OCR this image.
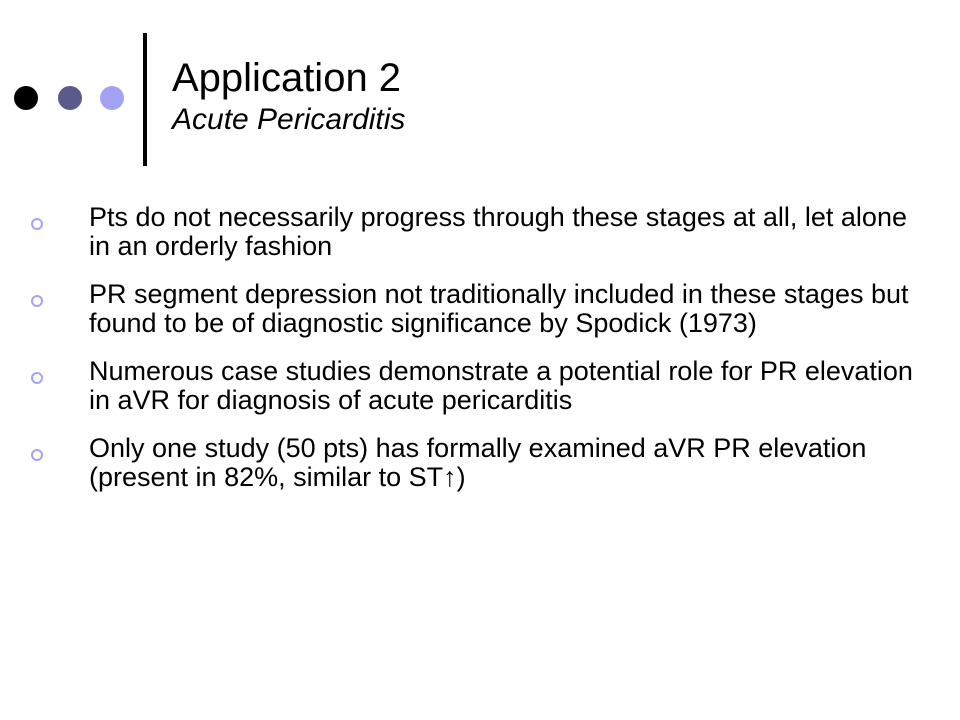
Application 2

Acute Pericarditis

Pts do not necessarily progress through these stages at all, let alone in an orderly fashion
PR segment depression not traditionally included in these stages but found to be of diagnostic significance by Spodick (1973)
Numerous case studies demonstrate a potential role for PR elevation in aVR for diagnosis of acute pericarditis
Only one study (50 pts) has formally examined aVR PR elevation (present in 82%, similar to ST↑)
